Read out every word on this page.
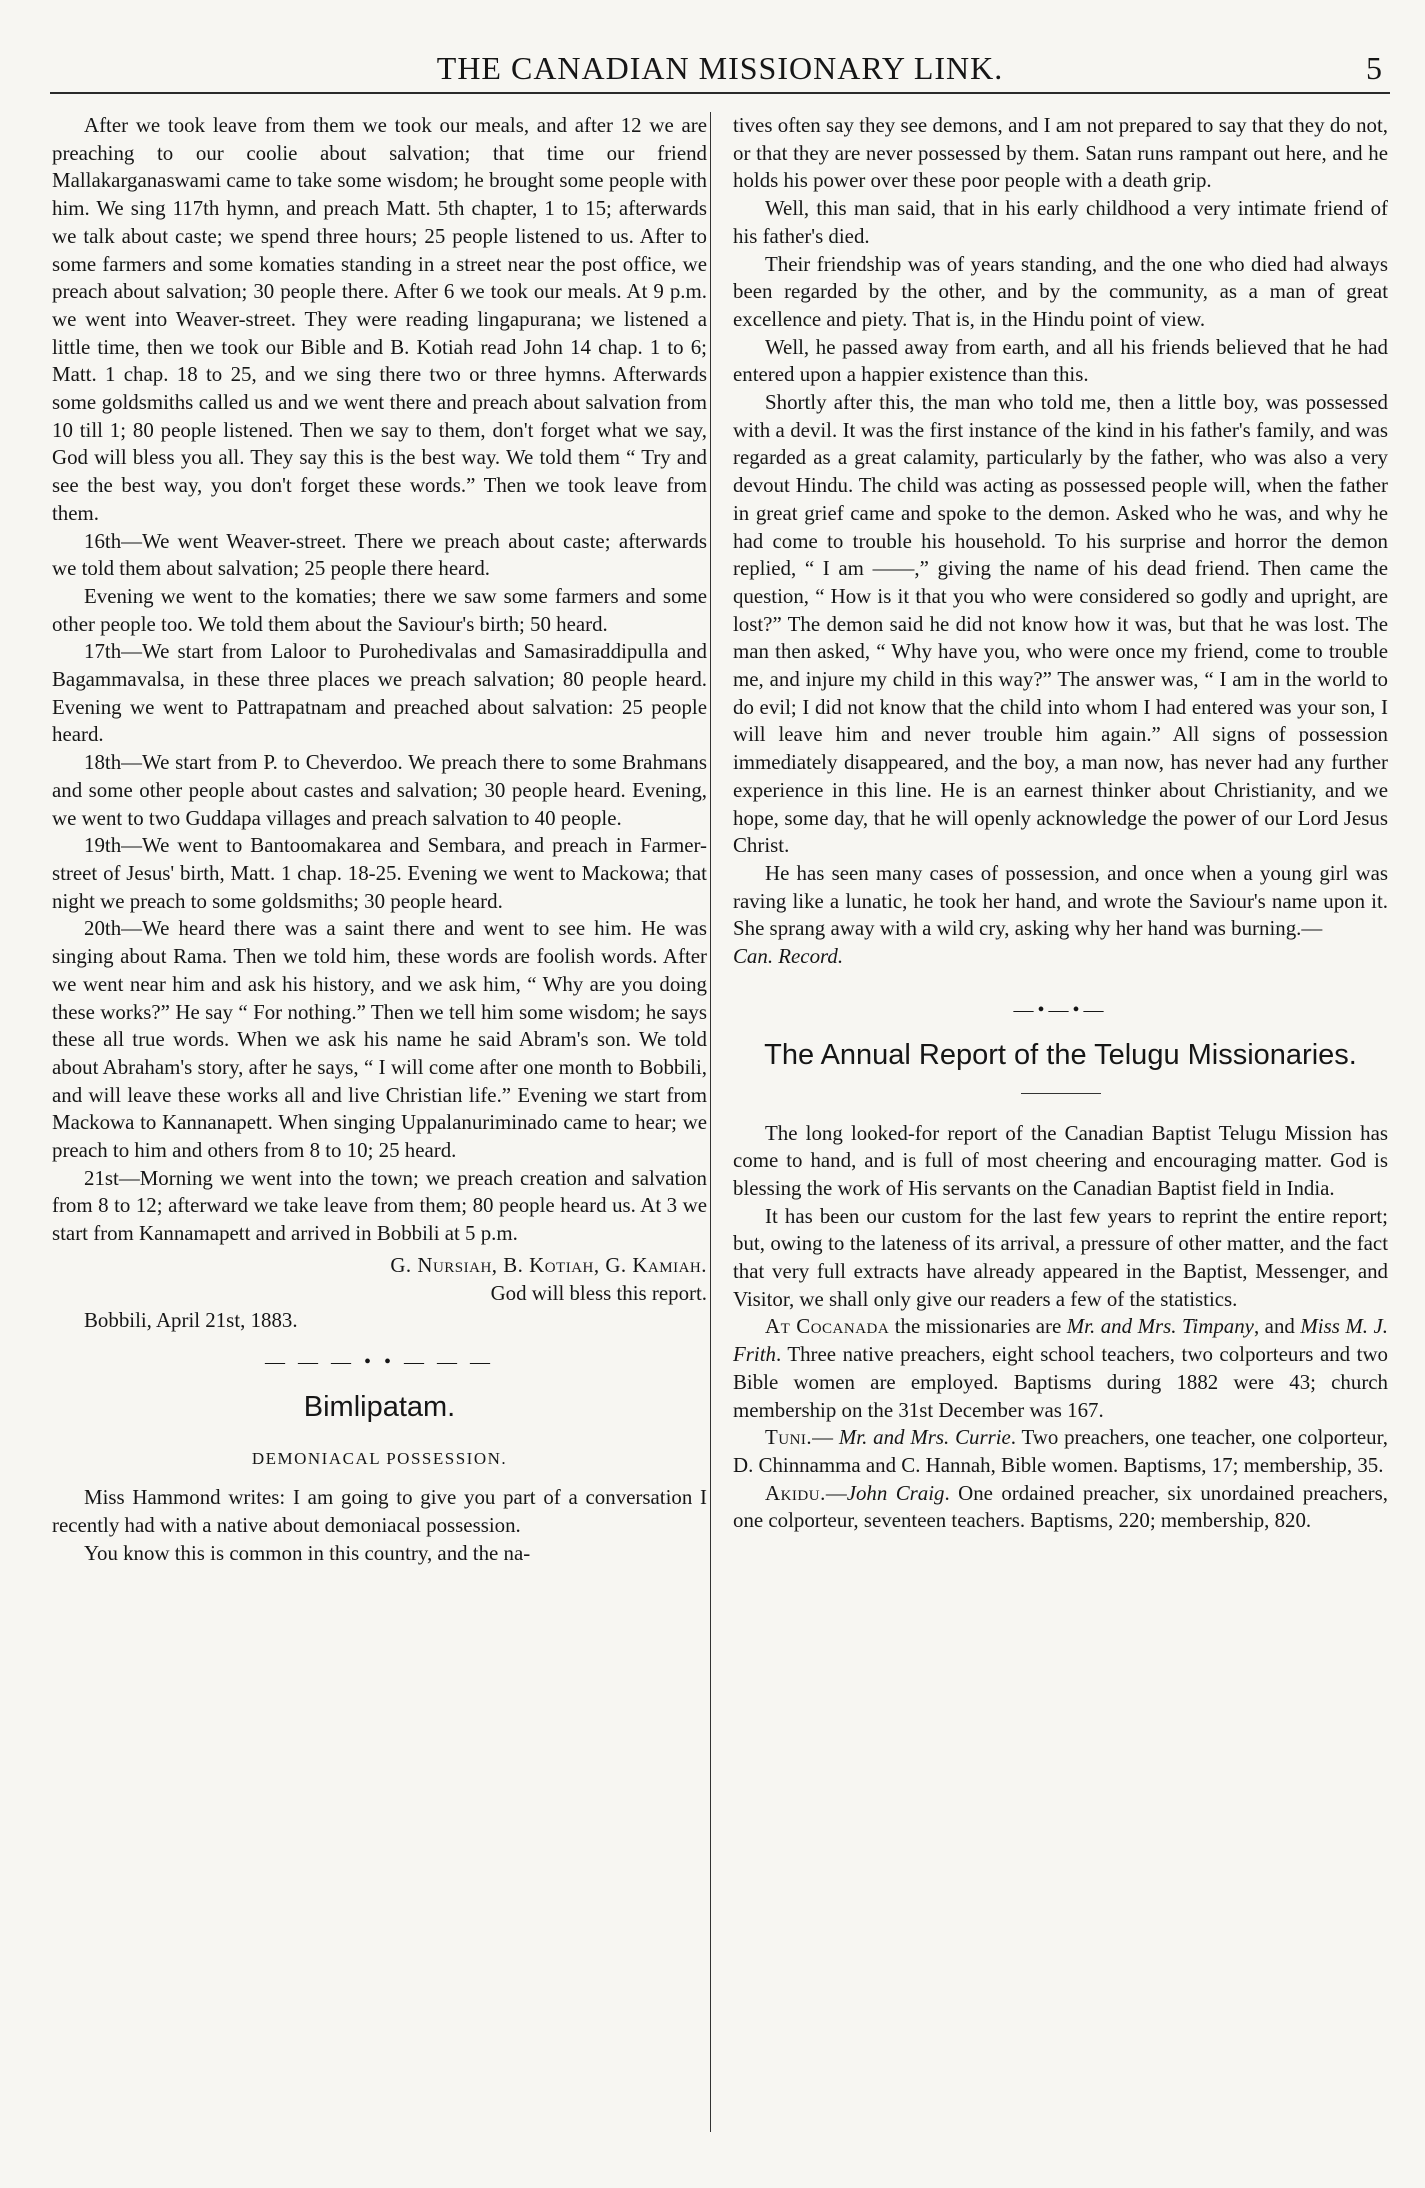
THE CANADIAN MISSIONARY LINK.	5

After we took leave from them we took our meals, and after 12 we are preaching to our coolie about salvation; that time our friend Mallakarganaswami came to take some wisdom; he brought some people with him. We sing 117th hymn, and preach Matt. 5th chapter, 1 to 15; afterwards we talk about caste; we spend three hours; 25 people listened to us. After to some farmers and some komaties standing in a street near the post office, we preach about salvation; 30 people there. After 6 we took our meals. At 9 p.m. we went into Weaver-street. They were reading lingapurana; we listened a little time, then we took our Bible and B. Kotiah read John 14 chap. 1 to 6; Matt. 1 chap. 18 to 25, and we sing there two or three hymns. Afterwards some goldsmiths called us and we went there and preach about salvation from 10 till 1; 80 people listened. Then we say to them, don't forget what we say, God will bless you all. They say this is the best way. We told them “ Try and see the best way, you don't forget these words.” Then we took leave from them.

16th—We went Weaver-street. There we preach about caste; afterwards we told them about salvation; 25 people there heard.

Evening we went to the komaties; there we saw some farmers and some other people too. We told them about the Saviour's birth; 50 heard.

17th—We start from Laloor to Purohedivalas and Samasiraddipulla and Bagammavalsa, in these three places we preach salvation; 80 people heard. Evening we went to Pattrapatnam and preached about salvation: 25 people heard.

18th—We start from P. to Cheverdoo. We preach there to some Brahmans and some other people about castes and salvation; 30 people heard. Evening, we went to two Guddapa villages and preach salvation to 40 people.

19th—We went to Bantoomakarea and Sembara, and preach in Farmer-street of Jesus' birth, Matt. 1 chap. 18-25. Evening we went to Mackowa; that night we preach to some goldsmiths; 30 people heard.

20th—We heard there was a saint there and went to see him. He was singing about Rama. Then we told him, these words are foolish words. After we went near him and ask his history, and we ask him, “ Why are you doing these works?” He say “ For nothing.” Then we tell him some wisdom; he says these all true words. When we ask his name he said Abram's son. We told about Abraham's story, after he says, “ I will come after one month to Bobbili, and will leave these works all and live Christian life.” Evening we start from Mackowa to Kannanapett. When singing Uppalanuriminado came to hear; we preach to him and others from 8 to 10; 25 heard.

21st—Morning we went into the town; we preach creation and salvation from 8 to 12; afterward we take leave from them; 80 people heard us. At 3 we start from Kannamapett and arrived in Bobbili at 5 p.m.

G. Nursiah, B. Kotiah, G. Kamiah.

God will bless this report.

Bobbili, April 21st, 1883.

— — — • • — — —

Bimlipatam.

DEMONIACAL POSSESSION.

Miss Hammond writes: I am going to give you part of a conversation I recently had with a native about demoniacal possession.

You know this is common in this country, and the na-

tives often say they see demons, and I am not prepared to say that they do not, or that they are never possessed by them. Satan runs rampant out here, and he holds his power over these poor people with a death grip.

Well, this man said, that in his early childhood a very intimate friend of his father's died.

Their friendship was of years standing, and the one who died had always been regarded by the other, and by the community, as a man of great excellence and piety. That is, in the Hindu point of view.

Well, he passed away from earth, and all his friends believed that he had entered upon a happier existence than this.

Shortly after this, the man who told me, then a little boy, was possessed with a devil. It was the first instance of the kind in his father's family, and was regarded as a great calamity, particularly by the father, who was also a very devout Hindu. The child was acting as possessed people will, when the father in great grief came and spoke to the demon. Asked who he was, and why he had come to trouble his household. To his surprise and horror the demon replied, “ I am ——,” giving the name of his dead friend. Then came the question, “ How is it that you who were considered so godly and upright, are lost?” The demon said he did not know how it was, but that he was lost. The man then asked, “ Why have you, who were once my friend, come to trouble me, and injure my child in this way?” The answer was, “ I am in the world to do evil; I did not know that the child into whom I had entered was your son, I will leave him and never trouble him again.” All signs of possession immediately disappeared, and the boy, a man now, has never had any further experience in this line. He is an earnest thinker about Christianity, and we hope, some day, that he will openly acknowledge the power of our Lord Jesus Christ.

He has seen many cases of possession, and once when a young girl was raving like a lunatic, he took her hand, and wrote the Saviour's name upon it. She sprang away with a wild cry, asking why her hand was burning.—
Can. Record.

—•—•—

The Annual Report of the Telugu Missionaries.

The long looked-for report of the Canadian Baptist Telugu Mission has come to hand, and is full of most cheering and encouraging matter. God is blessing the work of His servants on the Canadian Baptist field in India.

It has been our custom for the last few years to reprint the entire report; but, owing to the lateness of its arrival, a pressure of other matter, and the fact that very full extracts have already appeared in the Baptist, Messenger, and Visitor, we shall only give our readers a few of the statistics.

At Cocanada the missionaries are Mr. and Mrs. Timpany, and Miss M. J. Frith. Three native preachers, eight school teachers, two colporteurs and two Bible women are employed. Baptisms during 1882 were 43; church membership on the 31st December was 167.

Tuni.— Mr. and Mrs. Currie. Two preachers, one teacher, one colporteur, D. Chinnamma and C. Hannah, Bible women. Baptisms, 17; membership, 35.

Akidu.—John Craig. One ordained preacher, six unordained preachers, one colporteur, seventeen teachers. Baptisms, 220; membership, 820.
